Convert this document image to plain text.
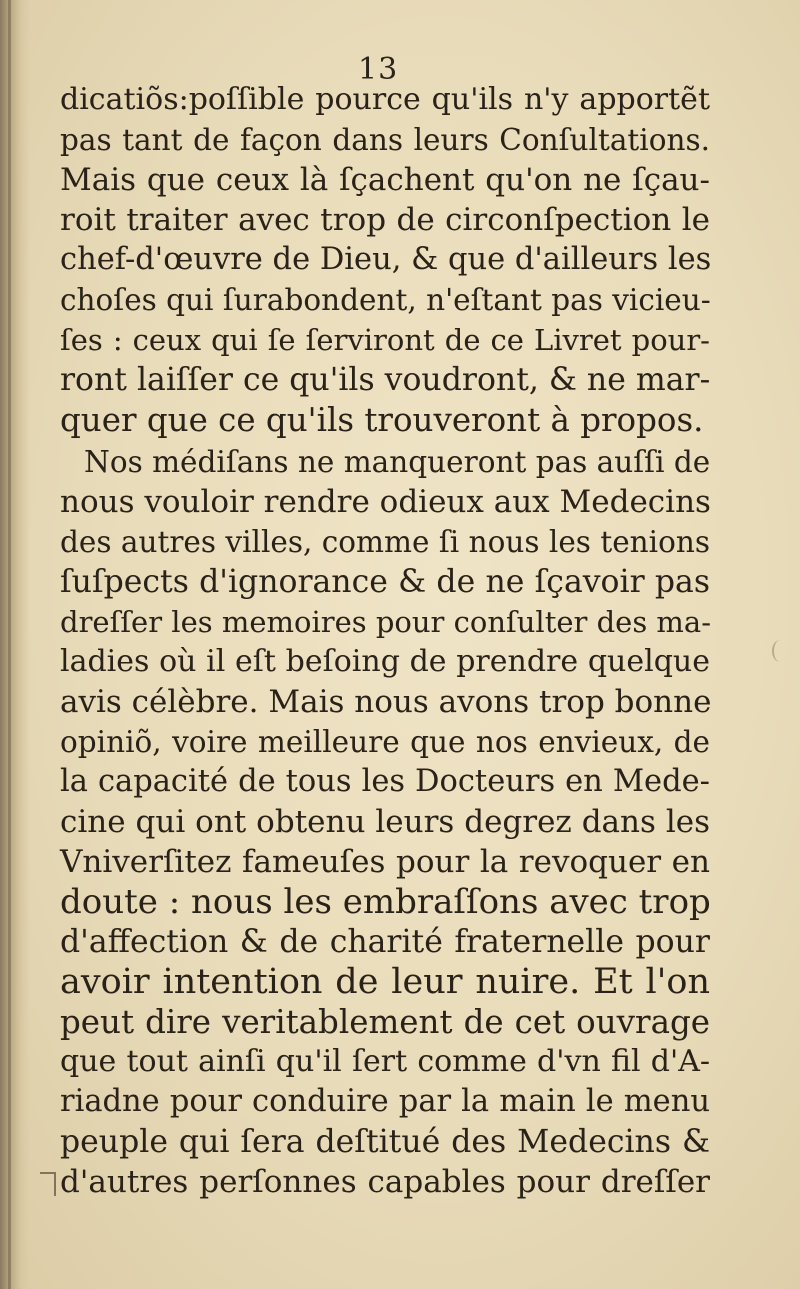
13
dicatiõs:poſſible pource qu'ils n'y apportẽt
pas tant de façon dans leurs Conſultations.
Mais que ceux là ſçachent qu'on ne ſçau-
roit traiter avec trop de circonſpection le
chef-d'œuvre de Dieu, & que d'ailleurs les
choſes qui ſurabondent, n'eſtant pas vicieu-
ſes : ceux qui ſe ſerviront de ce Livret pour-
ront laiſſer ce qu'ils voudront, & ne mar-
quer que ce qu'ils trouveront à propos.
Nos médiſans ne manqueront pas auſſi de
nous vouloir rendre odieux aux Medecins
des autres villes, comme ſi nous les tenions
ſuſpects d'ignorance & de ne ſçavoir pas
dreſſer les memoires pour conſulter des ma-
ladies où il eſt beſoing de prendre quelque
avis célèbre. Mais nous avons trop bonne
opiniõ, voire meilleure que nos envieux, de
la capacité de tous les Docteurs en Mede-
cine qui ont obtenu leurs degrez dans les
Vniverſitez fameuſes pour la revoquer en
doute : nous les embraſſons avec trop
d'affection & de charité fraternelle pour
avoir intention de leur nuire. Et l'on
peut dire veritablement de cet ouvrage
que tout ainſi qu'il ſert comme d'vn fil d'A-
riadne pour conduire par la main le menu
peuple qui ſera deſtitué des Medecins &
d'autres perſonnes capables pour dreſſer
